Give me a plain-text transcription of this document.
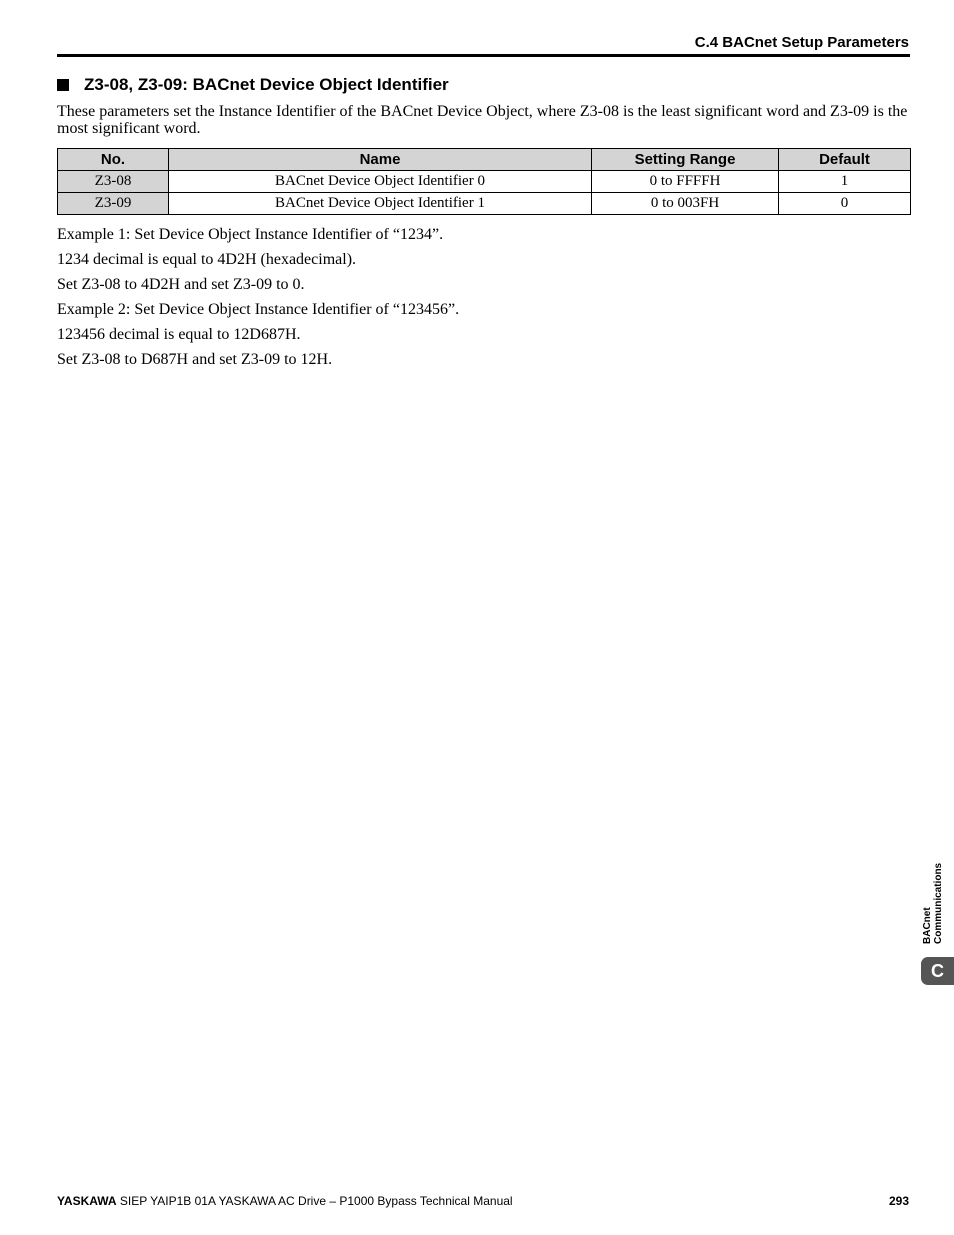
C.4 BACnet Setup Parameters
Z3-08, Z3-09: BACnet Device Object Identifier

These parameters set the Instance Identifier of the BACnet Device Object, where Z3-08 is the least significant word and Z3-09 is the most significant word.

No.	Name	Setting Range	Default
Z3-08	BACnet Device Object Identifier 0	0 to FFFFH	1
Z3-09	BACnet Device Object Identifier 1	0 to 003FH	0

Example 1: Set Device Object Instance Identifier of “1234”.

1234 decimal is equal to 4D2H (hexadecimal).

Set Z3-08 to 4D2H and set Z3-09 to 0.

Example 2: Set Device Object Instance Identifier of “123456”.

123456 decimal is equal to 12D687H.

Set Z3-08 to D687H and set Z3-09 to 12H.

BACnet Communications
C
YASKAWA SIEP YAIP1B 01A YASKAWA AC Drive – P1000 Bypass Technical Manual	293
